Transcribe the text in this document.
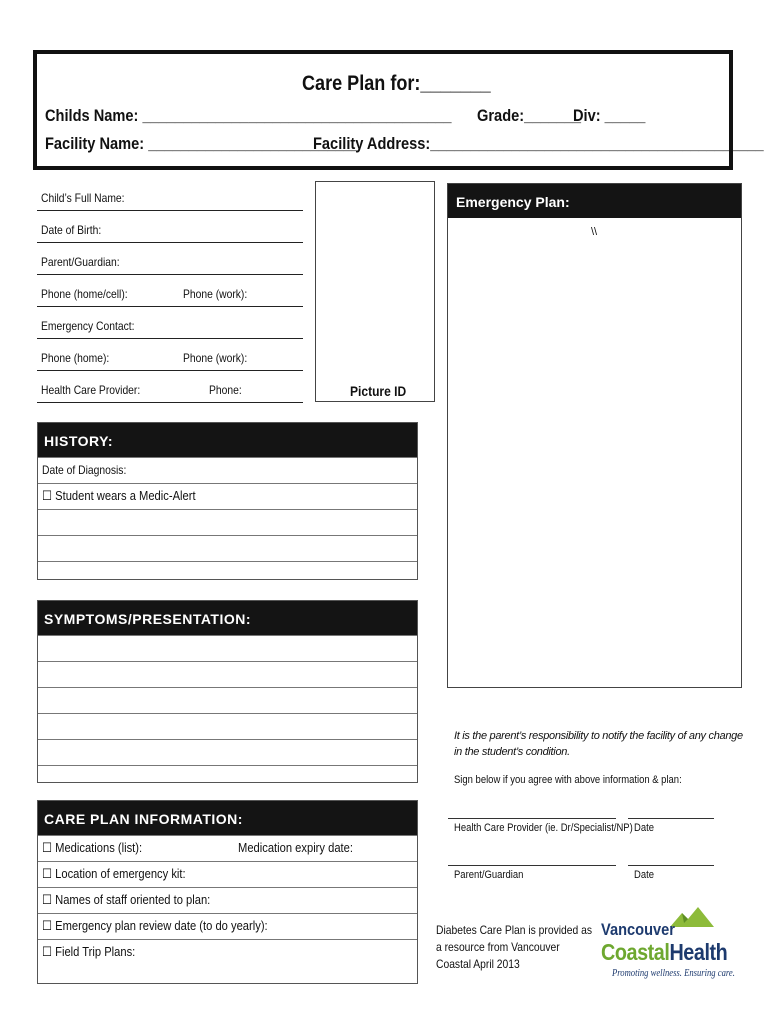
Care Plan for:_______
Childs Name: ______________________________________ Grade:_______
Div: _____
Facility Name: __________________________
Facility Address:_________________________________________
Child’s Full Name:
Date of Birth:
Parent/Guardian:
Phone (home/cell):	Phone (work):
Emergency Contact:
Phone (home):	Phone (work):
Health Care Provider:	Phone:	Picture ID
HISTORY:
Date of Diagnosis:
☐ Student wears a Medic-Alert
SYMPTOMS/PRESENTATION:
CARE PLAN INFORMATION:
☐ Medications (list):	Medication expiry date:
☐ Location of emergency kit:
☐ Names of staff oriented to plan:
☐ Emergency plan review date (to do yearly):
☐ Field Trip Plans:
Emergency Plan:
\\
It is the parent’s responsibility to notify the facility of any change in the student’s condition.
Sign below if you agree with above information & plan:
Health Care Provider (ie. Dr/Specialist/NP) Date
Parent/Guardian	Date
Diabetes Care Plan is provided as
a resource from Vancouver
Coastal April 2013
Vancouver
CoastalHealth
Promoting wellness. Ensuring care.
